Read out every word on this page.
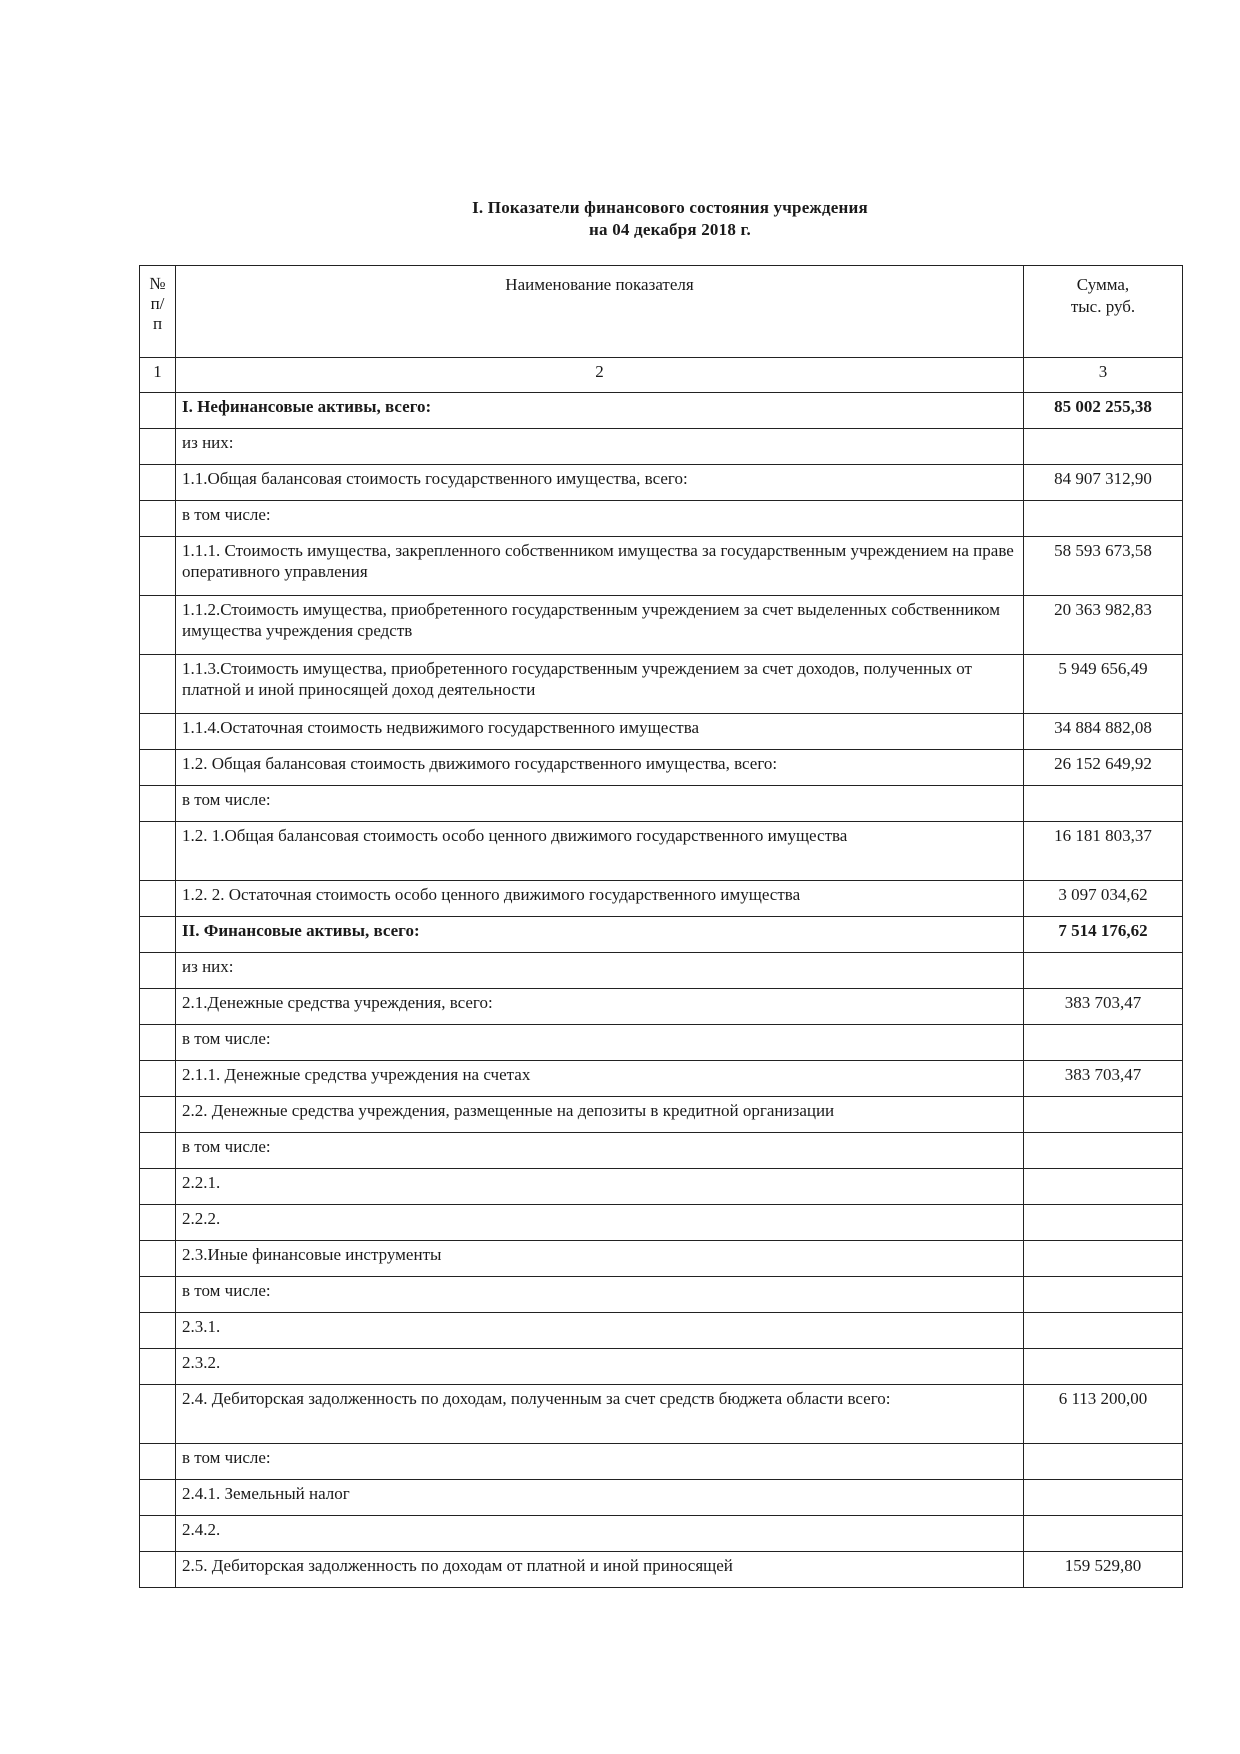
I. Показатели финансового состояния учреждения
на 04 декабря 2018 г.
№ п/ п	Наименование показателя	Сумма,
тыс. руб.

1	2	3
	I. Нефинансовые активы, всего:	85 002 255,38
	из них:	
	1.1.Общая балансовая стоимость государственного имущества, всего:	84 907 312,90
	в том числе:	
	1.1.1. Стоимость имущества, закрепленного собственником имущества за государственным учреждением на праве оперативного управления	58 593 673,58
	1.1.2.Стоимость имущества, приобретенного государственным учреждением за счет выделенных собственником имущества учреждения средств	20 363 982,83
	1.1.3.Стоимость имущества, приобретенного государственным учреждением за счет доходов, полученных от платной и иной приносящей доход деятельности	5 949 656,49
	1.1.4.Остаточная стоимость недвижимого государственного имущества	34 884 882,08
	1.2. Общая балансовая стоимость движимого государственного имущества, всего:	26 152 649,92
	в том числе:	
	1.2. 1.Общая балансовая стоимость особо ценного движимого государственного имущества	16 181 803,37
	1.2. 2. Остаточная стоимость особо ценного движимого государственного имущества	3 097 034,62
	II. Финансовые активы, всего:	7 514 176,62
	из них:	
	2.1.Денежные средства учреждения, всего:	383 703,47
	в том числе:	
	2.1.1. Денежные средства учреждения на счетах	383 703,47
	2.2. Денежные средства учреждения, размещенные на депозиты в кредитной организации	
	в том числе:	
	2.2.1.	
	2.2.2.	
	2.3.Иные финансовые инструменты	
	в том числе:	
	2.3.1.	
	2.3.2.	
	2.4. Дебиторская задолженность по доходам, полученным за счет средств бюджета области всего:	6 113 200,00
	в том числе:	
	2.4.1. Земельный налог	
	2.4.2.	
	2.5. Дебиторская задолженность по доходам от платной и иной приносящей	159 529,80
